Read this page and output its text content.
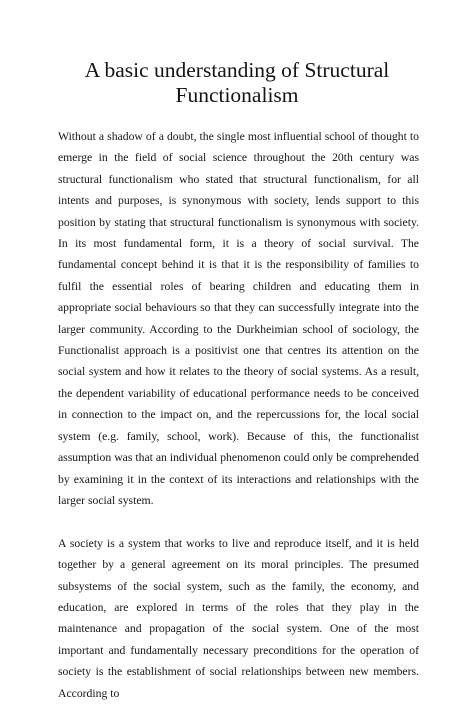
A basic understanding of Structural Functionalism

Without a shadow of a doubt, the single most influential school of thought to emerge in the field of social science throughout the 20th century was structural functionalism who stated that structural functionalism, for all intents and purposes, is synonymous with society, lends support to this position by stating that structural functionalism is synonymous with society. In its most fundamental form, it is a theory of social survival. The fundamental concept behind it is that it is the responsibility of families to fulfil the essential roles of bearing children and educating them in appropriate social behaviours so that they can successfully integrate into the larger community. According to the Durkheimian school of sociology, the Functionalist approach is a positivist one that centres its attention on the social system and how it relates to the theory of social systems. As a result, the dependent variability of educational performance needs to be conceived in connection to the impact on, and the repercussions for, the local social system (e.g. family, school, work). Because of this, the functionalist assumption was that an individual phenomenon could only be comprehended by examining it in the context of its interactions and relationships with the larger social system.

A society is a system that works to live and reproduce itself, and it is held together by a general agreement on its moral principles. The presumed subsystems of the social system, such as the family, the economy, and education, are explored in terms of the roles that they play in the maintenance and propagation of the social system. One of the most important and fundamentally necessary preconditions for the operation of society is the establishment of social relationships between new members. According to
